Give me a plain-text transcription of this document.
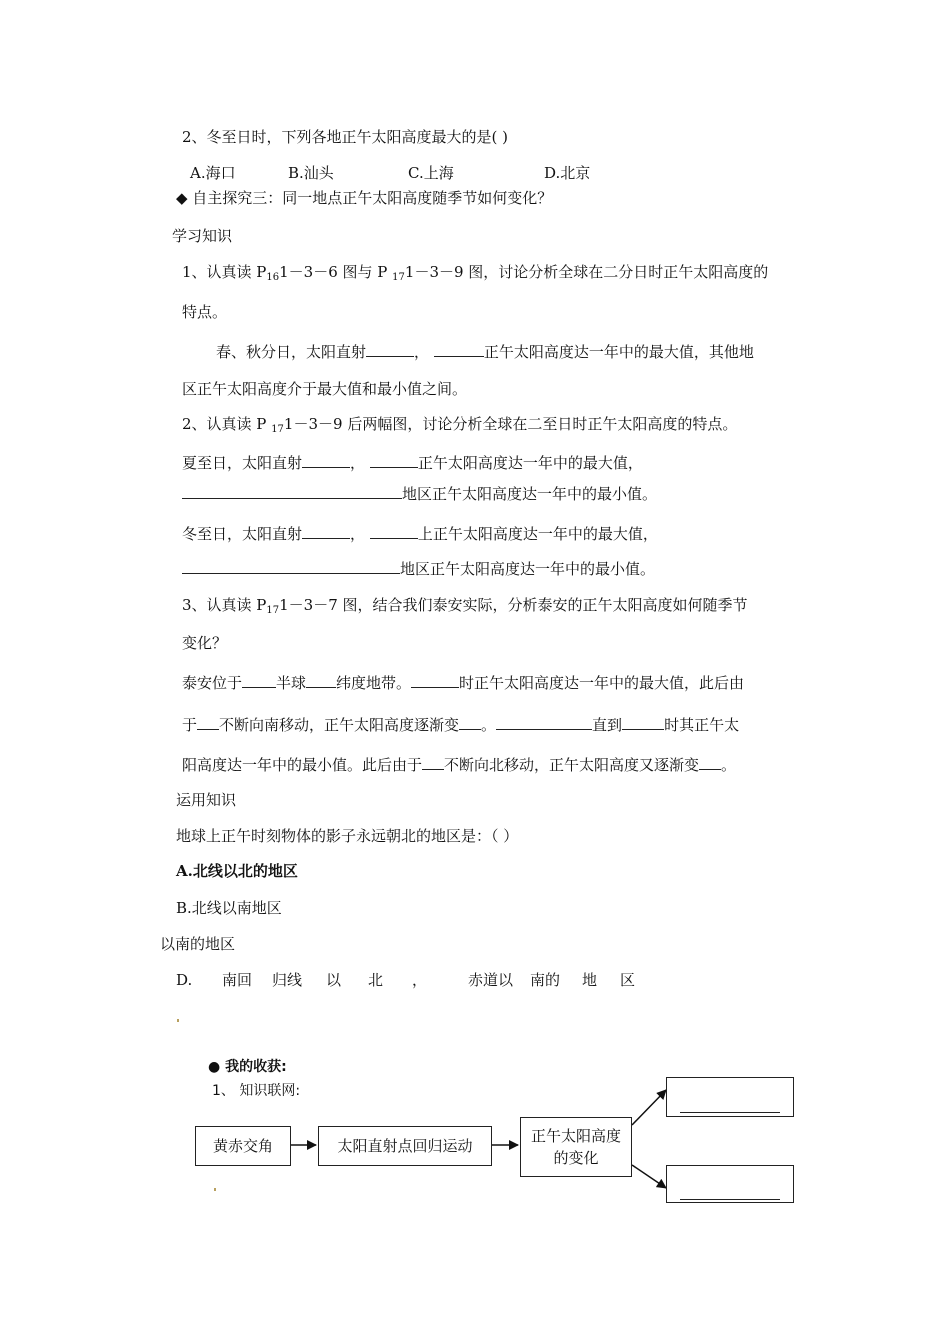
2、冬至日时，下列各地正午太阳高度最大的是( )
A.海口	B.汕头	C.上海	D.北京
◆ 自主探究三：同一地点正午太阳高度随季节如何变化？
学习知识
1、认真读 $P_{16}1-3-6$ 图与 P $_{17}$1－3－9 图，讨论分析全球在二分日时正午太阳高度的
特点。
春、秋分日，太阳直射	，	正午太阳高度达一年中的最大值，其他地
区正午太阳高度介于最大值和最小值之间。
2、认真读 P $_{17}$1－3－9 后两幅图，讨论分析全球在二至日时正午太阳高度的特点。
夏至日，太阳直射	，	正午太阳高度达一年中的最大值，
地区正午太阳高度达一年中的最小值。
冬至日，太阳直射	，	上正午太阳高度达一年中的最大值，
地区正午太阳高度达一年中的最小值。
3、认真读 $P_{17}1-3-7$ 图，结合我们泰安实际，分析泰安的正午太阳高度如何随季节
变化？
泰安位于 半球 纬度地带。	时正午太阳高度达一年中的最大值，此后由
于 不断向南移动，正午太阳高度逐渐变 。	直到	时其正午太
阳高度达一年中的最小值。此后由于 不断向北移动，正午太阳高度又逐渐变 。
运用知识
地球上正午时刻物体的影子永远朝北的地区是：（ ）
A.北线以北的地区
B.北线以南地区
以南的地区
D. 南回 归线 以 北 ，	赤道以 南的 地 区
● 我的收获:
1、 知识联网:
黄赤交角	太阳直射点回归运动
正午太阳高度的变化
